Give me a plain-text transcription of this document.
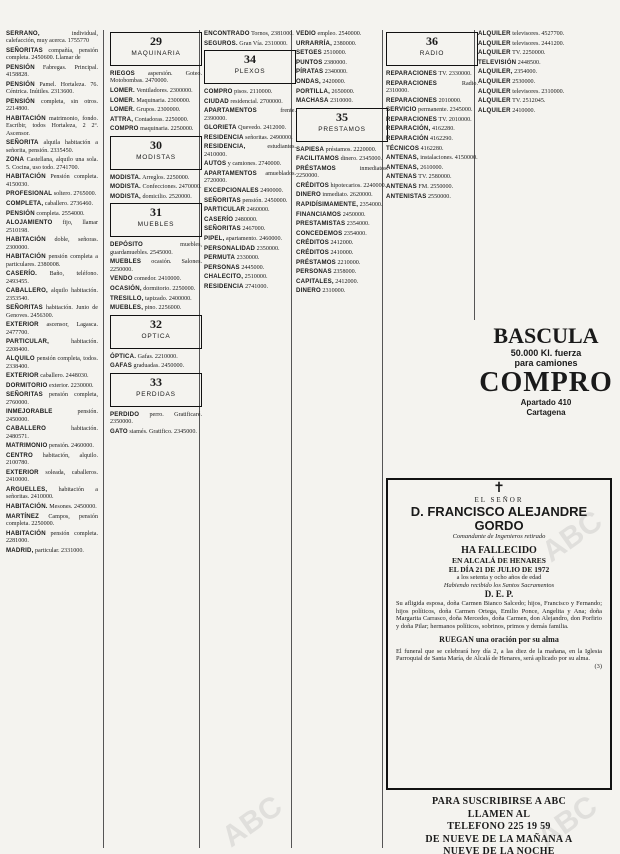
SERRANO, individual, calefacción, muy acerca. 1755770

SEÑORITAS compañía, pensión completa. 2450600. Llamar de

PENSIÓN Fabregas. Principal. 4158828.

PENSIÓN Pamel. Hortaleza. 76. Céntrica. Inútiles. 2313600.

PENSIÓN completa, sin otros. 2214800.

HABITACIÓN matrimonio, fondo. Escribir, todos Hortaleza, 2 2º. Ascensor.

SEÑORITA alquila habitación a señorita, pensión. 2335450.

ZONA Castellana, alquilo una sola. 5. Cocina, uso todo. 2741700.

HABITACIÓN Pensión completa. 4150030.

PROFESIONAL soltero. 2765000.

COMPLETA, caballero. 2736460.

PENSIÓN completa. 2554000.

ALOJAMIENTO fijo, llamar 2510198.

HABITACIÓN doble, señoras. 2300000.

HABITACIÓN pensión completa a particulares. 2380008.

CASERÍO. Baño, teléfono. 2493455.

CABALLERO, alquilo habitación. 2353540.

SEÑORITAS habitación. Junio de Genoves. 2456300.

EXTERIOR ascensor, Lagasca. 2477700.

PARTICULAR, habitación. 2208400.

ALQUILO pensión completa, todos. 2338400.

EXTERIOR caballero. 2448030.

DORMITORIO exterior. 2230000.

SEÑORITAS pensión completa, 2760000.

INMEJORABLE pensión. 2450000.

CABALLERO habitación. 2480571.

MATRIMONIO pensión. 2460000.

CENTRO habitación, alquilo. 2100780.

EXTERIOR soleada, caballeros. 2410000.

ARGUELLES, habitación a señoritas. 2410000.

HABITACIÓN. Mesones. 2450000.

MARTÍNEZ Campos, pensión completa. 2250000.

HABITACIÓN pensión completa. 2281000.

MADRID, particular. 2331000.

29
MAQUINARIA

RIEGOS aspersión. Goteo. Motobombas. 2470000.

LOMER. Ventiladores. 2300000.

LOMER. Maquinaria. 2300000.

LOMER. Grupos. 2300000.

ATTRA, Contadoras. 2250000.

COMPRO maquinaria. 2250000.

30
MODISTAS

MODISTA. Arreglos. 2250000.

MODISTA. Confecciones. 2470000.

MODISTA, domicilio. 2520000.

31
MUEBLES

DEPÓSITO muebles, guardamuebles. 2545000.

MUEBLES ocasión. Salones. 2250000.

VENDO comedor. 2410000.

OCASIÓN, dormitorio. 2250000.

TRESILLO, tapizado. 2400000.

MUEBLES, pino. 2256000.

32
OPTICA

ÓPTICA. Gafas. 2210000.

GAFAS graduadas. 2450000.

33
PERDIDAS

PERDIDO perro. Gratificaré. 2350000.

GATO siamés. Gratifico. 2345000.

ENCONTRADO Tornos, 2381000.

SEGUROS. Gran Vía. 2310000.

34
PLEXOS

COMPRO pisos. 2110000.

CIUDAD residencial. 2700000.

APARTAMENTOS frente. 2390000.

GLORIETA Quevedo. 2412000.

RESIDENCIA señoritas. 2490000.

RESIDENCIA, estudiantes. 2410000.

AUTOS y camiones. 2740000.

APARTAMENTOS amueblados. 2720000.

EXCEPCIONALES 2490000.

SEÑORITAS pensión. 2450000.

PARTICULAR 2460000.

CASERÍO 2480000.

SEÑORITAS 2467000.

PIPEL, apartamento. 2460000.

PERSONALIDAD 2350000.

PERMUTA 2330000.

PERSONAS 2445000.

CHALECITO, 2510000.

RESIDENCIA 2741000.

VEDIO empleo. 2540000.

URRARRÍA, 2380000.

SETGES 2510000.

PUNTOS 2380000.

PÍRATAS 2340000.

ONDAS, 2420000.

PORTILLA, 2650000.

MACHASA 2310000.

35
PRESTAMOS

SAPIESA préstamos. 2220000.

FACILITAMOS dinero. 2345000.

PRÉSTAMOS inmediatos. 2250000.

CRÉDITOS hipotecarios. 2240000.

DINERO inmediato. 2620000.

RAPIDÍSIMAMENTE, 2354000.

FINANCIAMOS 2450000.

PRESTAMISTAS 2354000.

CONCEDEMOS 2354000.

CRÉDITOS 2412000.

CRÉDITOS 2410000.

PRÉSTAMOS 2210000.

PERSONAS 2358000.

CAPITALES, 2412000.

DINERO 2310000.

36
RADIO

REPARACIONES TV. 2330000.

REPARACIONES Radio. 2310000.

REPARACIONES 2010000.

SERVICIO permanente. 2345000.

REPARACIONES TV. 2010000.

REPARACIÓN, 4162280.

REPARACIÓN 4162290.

TÉCNICOS 4162280.

ANTENAS, instalaciones. 4150000.

ANTENAS, 2610000.

ANTENAS TV. 2580000.

ANTENAS FM. 2550000.

ANTENISTAS 2550000.

ALQUILER televisores. 4527700.

ALQUILER televisores. 2441200.

ALQUILER TV. 2250000.

TELEVISIÓN 2448500.

ALQUILER, 2354000.

ALQUILER 2530000.

ALQUILER televisores. 2310000.

ALQUILER TV. 2512045.

ALQUILER 2410000.

BASCULA
50.000 Kl. fuerza
para camiones
COMPRO
Apartado 410
Cartagena
✝
EL SEÑOR
D. FRANCISCO ALEJANDRE
GORDO
Comandante de Ingenieros retirado
HA FALLECIDO
EN ALCALÁ DE HENARES
EL DÍA 21 DE JULIO DE 1972
a los setenta y ocho años de edad
Habiendo recibido los Santos Sacramentos
D. E. P.
Su afligida esposa, doña Carmen Bianco Salcedo; hijos, Francisco y Fernando; hijos políticos, doña Carmen Ortega, Emilio Ponce, Angelita y Ana; doña Margarita Carrasco, doña Mercedes, doña Carmen, don Alejandro, don Porfirio y doña Pilar; hermanos políticos, sobrinos, primos y demás familia.
RUEGAN una oración por su alma
El funeral que se celebrará hoy día 2, a las diez de la mañana, en la Iglesia Parroquial de Santa María, de Alcalá de Henares, será aplicado por su alma.
(3)
PARA SUSCRIBIRSE A ABC
LLAMEN AL
TELEFONO 225 19 59
DE NUEVE DE LA MAÑANA A
NUEVE DE LA NOCHE
ABC
ABC	ABC
